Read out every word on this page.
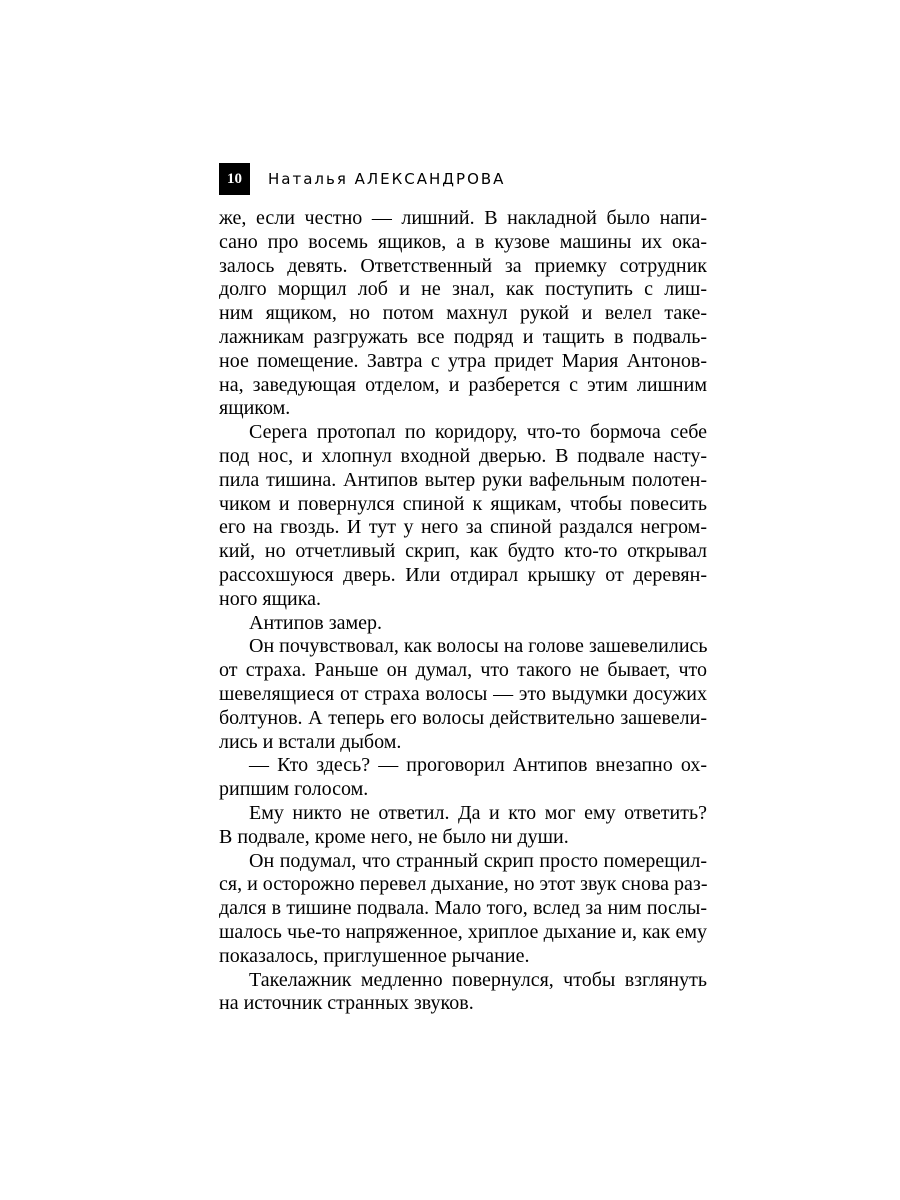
10	Наталья АЛЕКСАНДРОВА
же, если честно — лишний. В накладной было напи-
сано про восемь ящиков, а в кузове машины их ока-
залось девять. Ответственный за приемку сотрудник
долго морщил лоб и не знал, как поступить с лиш-
ним ящиком, но потом махнул рукой и велел таке-
лажникам разгружать все подряд и тащить в подваль-
ное помещение. Завтра с утра придет Мария Антонов-
на, заведующая отделом, и разберется с этим лишним
ящиком.
Серега протопал по коридору, что-то бормоча себе
под нос, и хлопнул входной дверью. В подвале насту-
пила тишина. Антипов вытер руки вафельным полотен-
чиком и повернулся спиной к ящикам, чтобы повесить
его на гвоздь. И тут у него за спиной раздался негром-
кий, но отчетливый скрип, как будто кто-то открывал
рассохшуюся дверь. Или отдирал крышку от деревян-
ного ящика.
Антипов замер.
Он почувствовал, как волосы на голове зашевелились
от страха. Раньше он думал, что такого не бывает, что
шевелящиеся от страха волосы — это выдумки досужих
болтунов. А теперь его волосы действительно зашевели-
лись и встали дыбом.
— Кто здесь? — проговорил Антипов внезапно ох-
рипшим голосом.
Ему никто не ответил. Да и кто мог ему ответить?
В подвале, кроме него, не было ни души.
Он подумал, что странный скрип просто померещил-
ся, и осторожно перевел дыхание, но этот звук снова раз-
дался в тишине подвала. Мало того, вслед за ним послы-
шалось чье-то напряженное, хриплое дыхание и, как ему
показалось, приглушенное рычание.
Такелажник медленно повернулся, чтобы взглянуть
на источник странных звуков.
